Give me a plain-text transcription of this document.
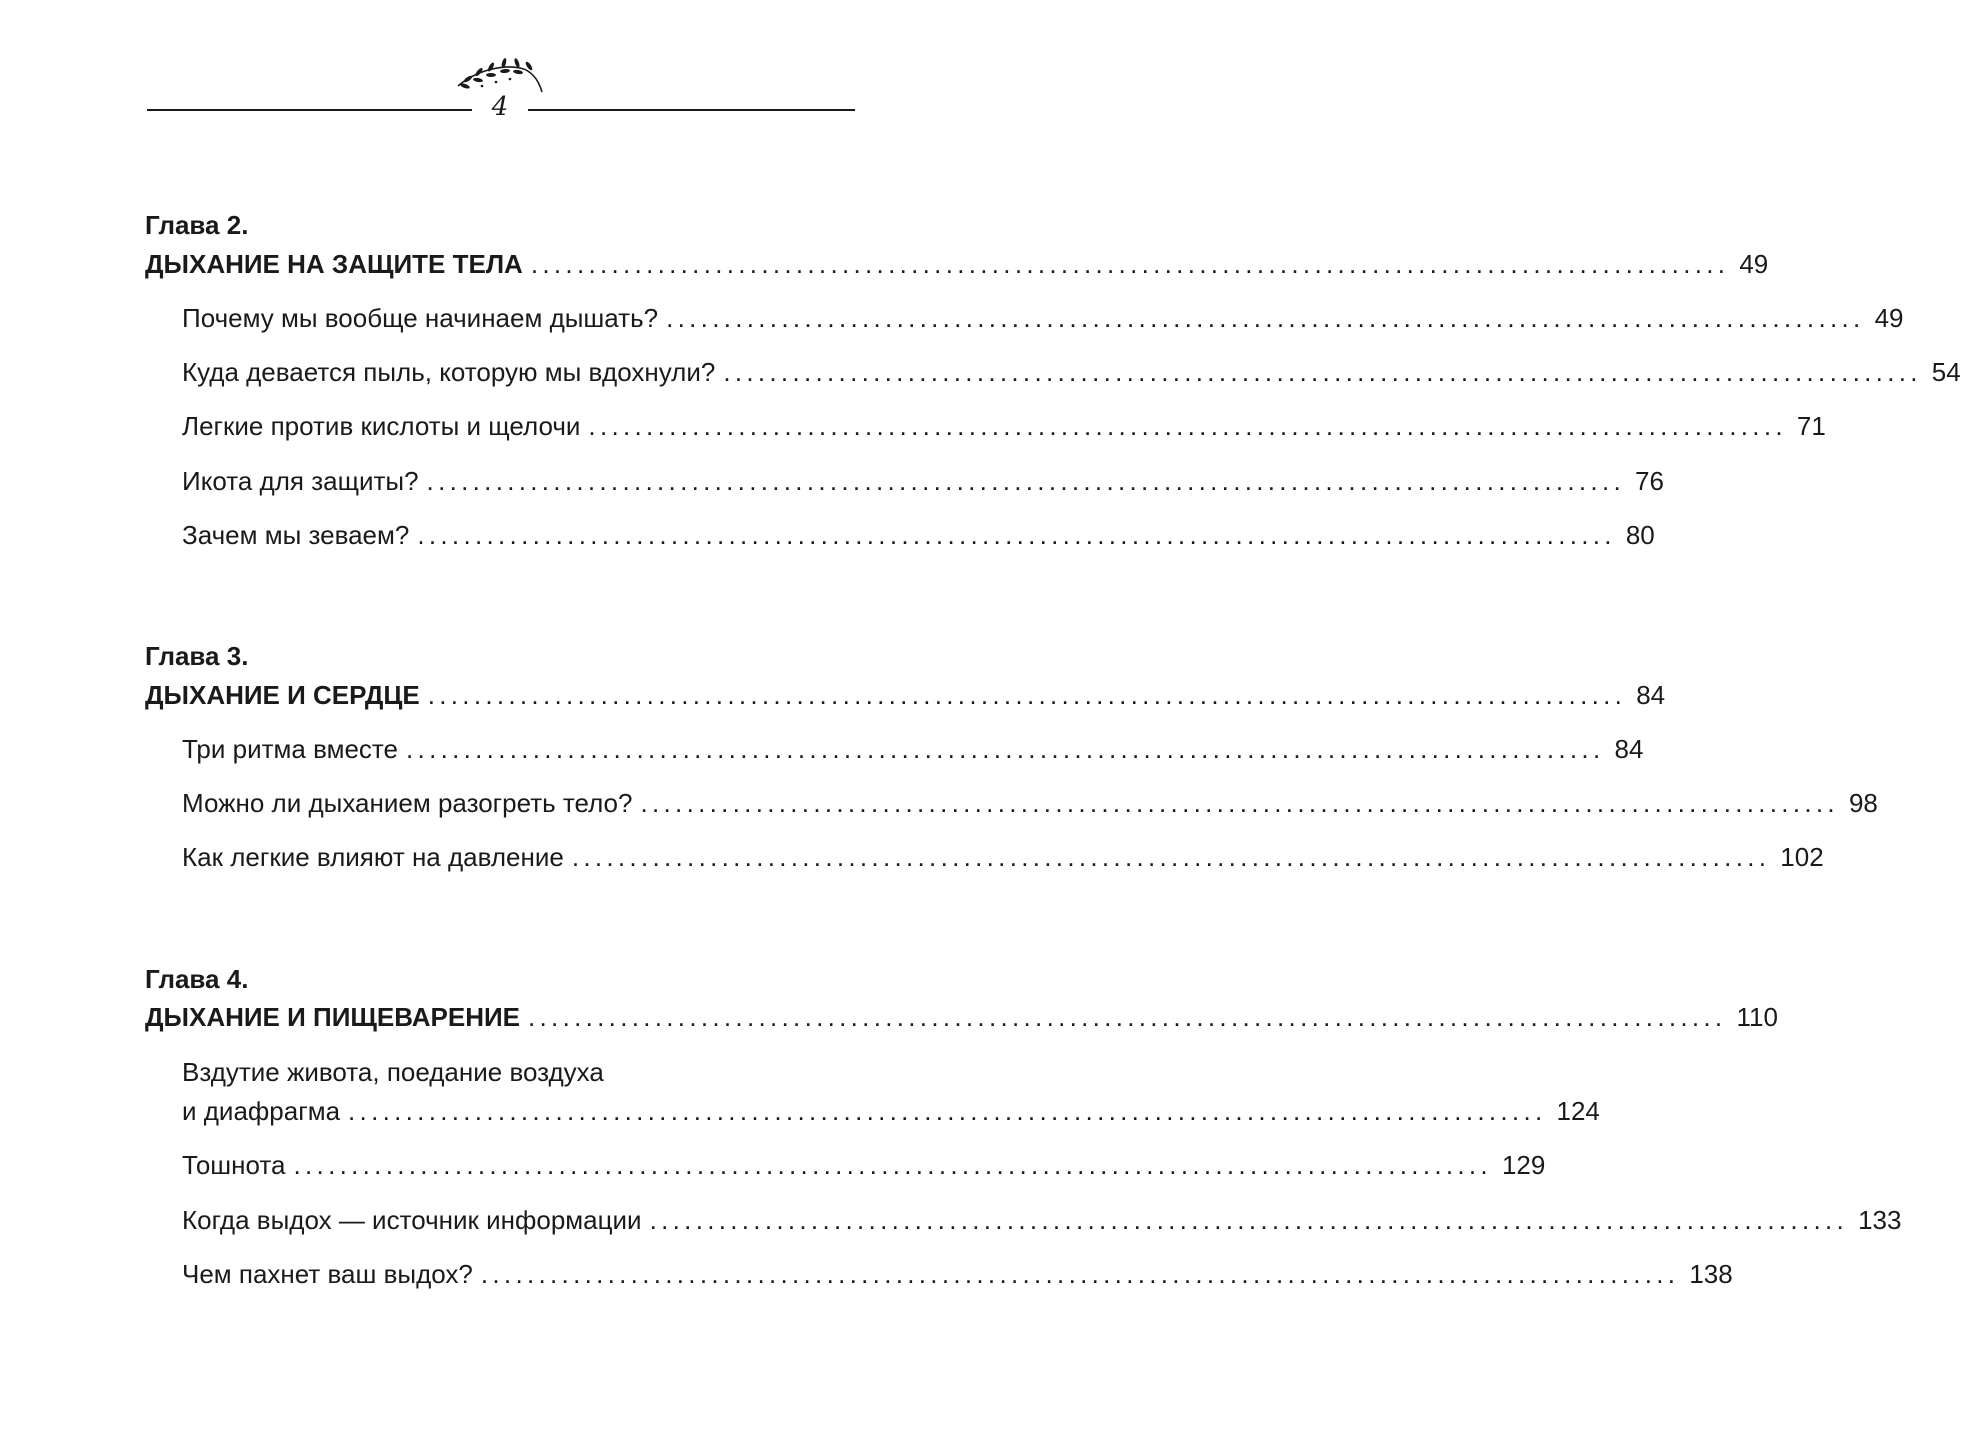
4
Глава 2.
ДЫХАНИЕ НА ЗАЩИТЕ ТЕЛА ........................................................................................................ 49
Почему мы вообще начинаем дышать? ........................................................................................................ 49
Куда девается пыль, которую мы вдохнули? ........................................................................................................ 54
Легкие против кислоты и щелочи ........................................................................................................ 71
Икота для защиты? ........................................................................................................ 76
Зачем мы зеваем? ........................................................................................................ 80
Глава 3.
ДЫХАНИЕ И СЕРДЦЕ ........................................................................................................ 84
Три ритма вместе ........................................................................................................ 84
Можно ли дыханием разогреть тело? ........................................................................................................ 98
Как легкие влияют на давление ........................................................................................................ 102
Глава 4.
ДЫХАНИЕ И ПИЩЕВАРЕНИЕ ........................................................................................................ 110
Вздутие живота, поедание воздуха
и диафрагма ........................................................................................................ 124
Тошнота ........................................................................................................ 129
Когда выдох — источник информации ........................................................................................................ 133
Чем пахнет ваш выдох? ........................................................................................................ 138
